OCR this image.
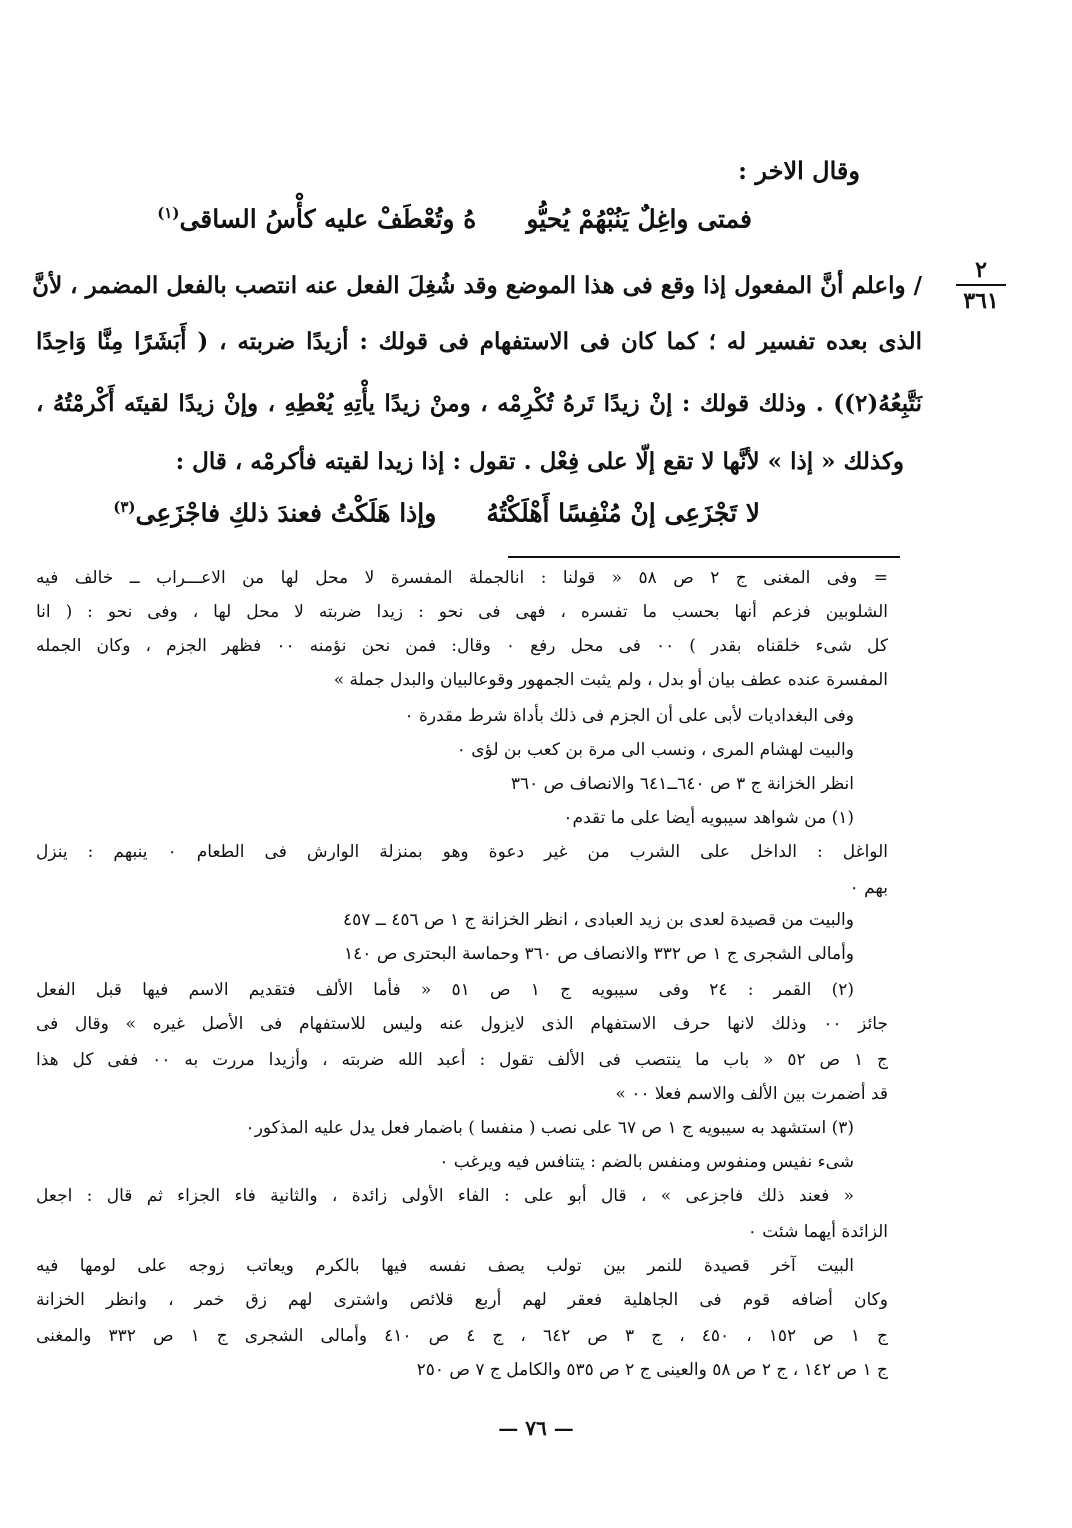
وقال الاخر :
فمتى واغِلٌ يَنُبْهُمْ يُحيُّوهُ وتُعْطَفْ عليه كأْسُ الساقى$^{(١)}$
٢
٣٦١
/ واعلم أنَّ المفعول إذا وقع فى هذا الموضع وقد شُغِلَ الفعل عنه انتصب بالفعل المضمر ، لأنَّ
الذى بعده تفسير له ؛ كما كان فى الاستفهام فى قولك : أزيدًا ضربته ، ( أَبَشَرًا مِنَّا وَاحِدًا
نَتَّبِعُهُ(٢)) . وذلك قولك : إنْ زيدًا تَرهُ تُكْرِمْه ، ومنْ زيدًا يأْتِهِ يُعْطِهِ ، وإنْ زيدًا لقيتَه أَكْرمْتُهُ ،
وكذلك « إذا » لأنَّها لا تقع إلّا على فِعْل . تقول : إذا زيدا لقيته فأكرمْه ، قال :
لا تَجْزَعِى إنْ مُنْفِسًا أَهْلَكْتُهُوإذا هَلَكْتُ فعندَ ذلكِ فاجْزَعِى$^{(٣)}$
= وفى المغنى ج ٢ ص ٥٨ « قولنا : انالجملة المفسرة لا محل لها من الاعـــراب ــ خالف فيه
الشلوبين فزعم أنها بحسب ما تفسره ، فهى فى نحو : زيدا ضربته لا محل لها ، وفى نحو : ( انا
كل شىء خلقناه بقدر ) ٠٠ فى محل رفع ٠ وقال: فمن نحن نؤمنه ٠٠ فظهر الجزم ، وكان الجمله
المفسرة عنده عطف بيان أو بدل ، ولم يثبت الجمهور وقوعالبيان والبدل جملة »
وفى البغداديات لأبى على أن الجزم فى ذلك بأداة شرط مقدرة ٠
والبيت لهشام المرى ، ونسب الى مرة بن كعب بن لؤى ٠
انظر الخزانة ج ٣ ص ٦٤٠ــ٦٤١ والانصاف ص ٣٦٠
(١) من شواهد سيبويه أيضا على ما تقدم٠
الواغل : الداخل على الشرب من غير دعوة وهو بمنزلة الوارش فى الطعام ٠ ينبهم : ينزل
بهم ٠
والبيت من قصيدة لعدى بن زيد العبادى ، انظر الخزانة ج ١ ص ٤٥٦ ــ ٤٥٧
وأمالى الشجرى ج ١ ص ٣٣٢ والانصاف ص ٣٦٠ وحماسة البحترى ص ١٤٠
(٢) القمر : ٢٤ وفى سيبويه ج ١ ص ٥١ « فأما الألف فتقديم الاسم فيها قبل الفعل
جائز ٠٠ وذلك لانها حرف الاستفهام الذى لايزول عنه وليس للاستفهام فى الأصل غيره » وقال فى
ج ١ ص ٥٢ « باب ما ينتصب فى الألف تقول : أعبد الله ضربته ، وأزيدا مررت به ٠٠ ففى كل هذا
قد أضمرت بين الألف والاسم فعلا ٠٠ »
(٣) استشهد به سيبويه ج ١ ص ٦٧ على نصب ( منفسا ) باضمار فعل يدل عليه المذكور٠
شىء نفيس ومنفوس ومنفس بالضم : يتنافس فيه ويرغب ٠
« فعند ذلك فاجزعى » ، قال أبو على : الفاء الأولى زائدة ، والثانية فاء الجزاء ثم قال : اجعل
الزائدة أيهما شئت ٠
البيت آخر قصيدة للنمر بين تولب يصف نفسه فيها بالكرم ويعاتب زوجه على لومها فيه
وكان أضافه قوم فى الجاهلية فعقر لهم أربع قلائص واشترى لهم زق خمر ، وانظر الخزانة
ج ١ ص ١٥٢ ، ٤٥٠ ، ج ٣ ص ٦٤٢ ، ج ٤ ص ٤١٠ وأمالى الشجرى ج ١ ص ٣٣٢ والمغنى
ج ١ ص ١٤٢ ، ج ٢ ص ٥٨ والعينى ج ٢ ص ٥٣٥ والكامل ج ٧ ص ٢٥٠
— ٧٦ —
